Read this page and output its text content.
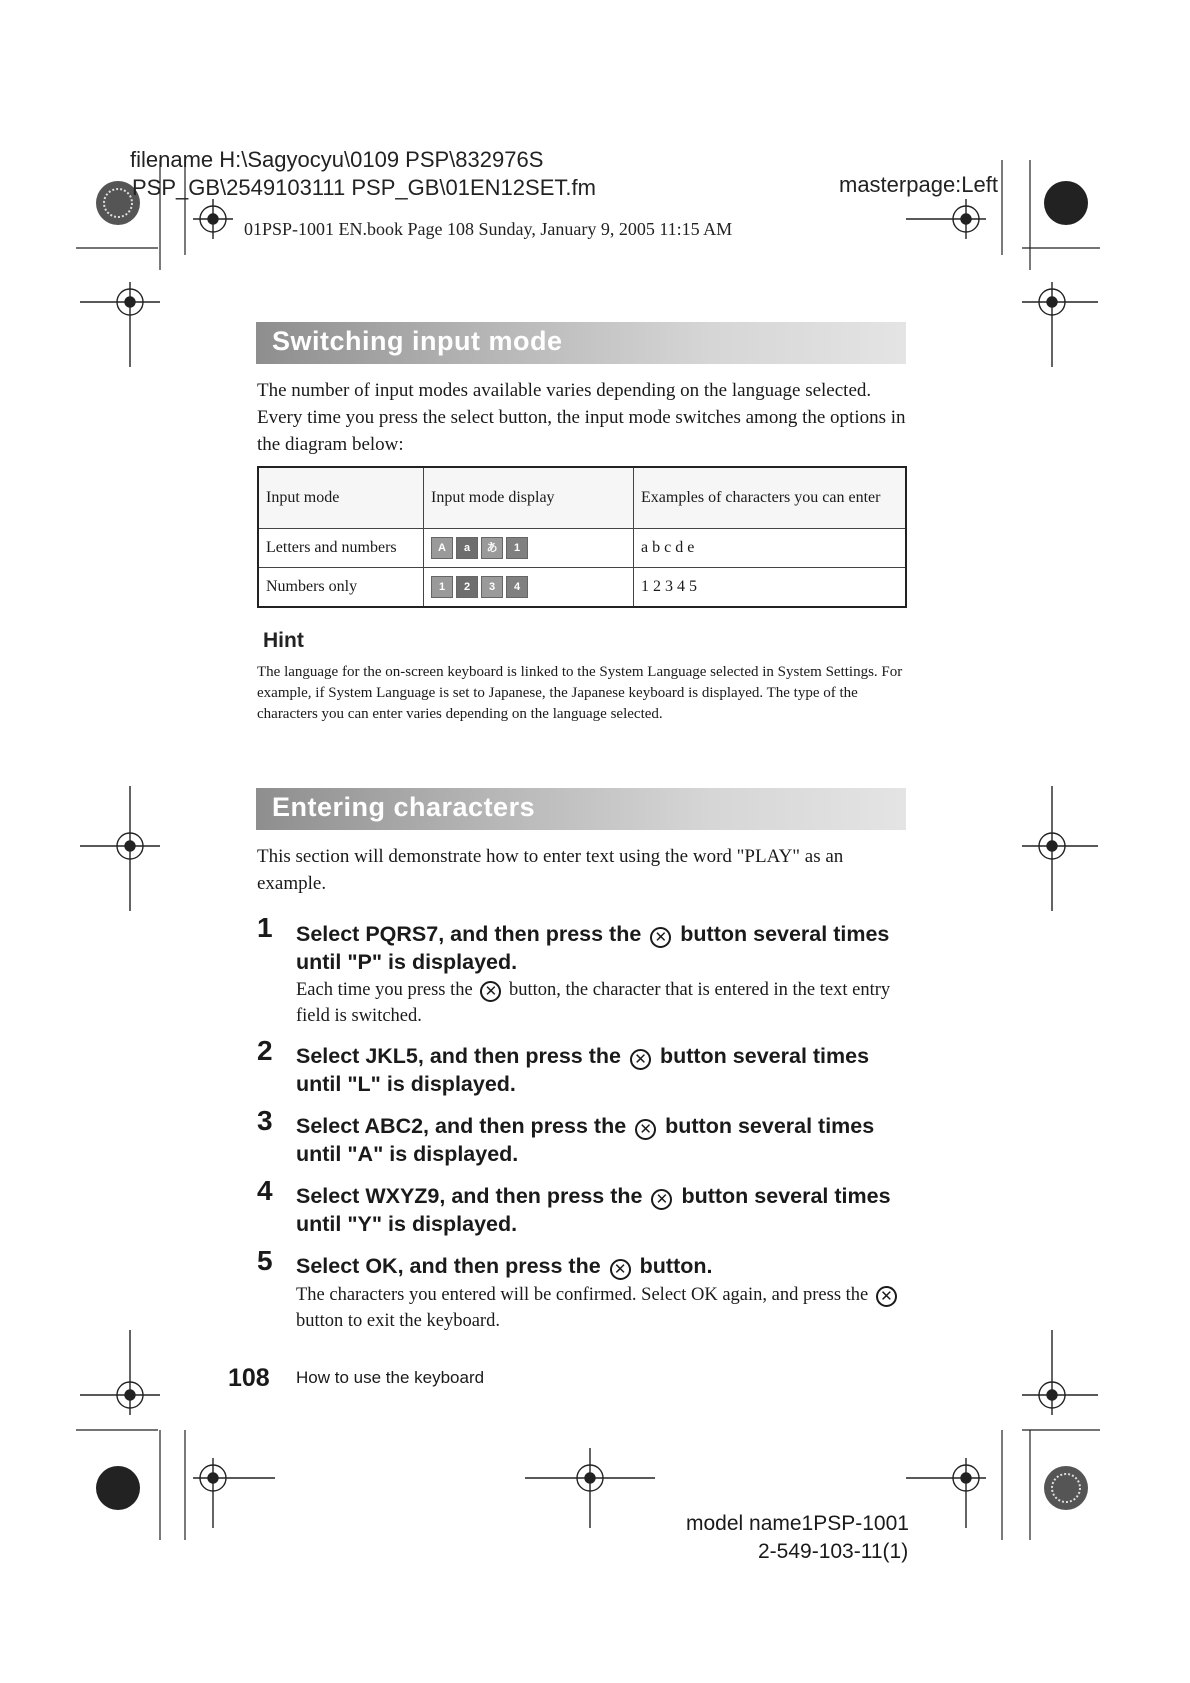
filename H:\Sagyocyu\0109 PSP\832976S
PSP_GB\2549103111 PSP_GB\01EN12SET.fm	masterpage:Left
01PSP-1001 EN.book Page 108 Sunday, January 9, 2005 11:15 AM
Switching input mode
The number of input modes available varies depending on the language selected. Every time you press the select button, the input mode switches among the options in the diagram below:
Input mode	Input mode display	Examples of characters you can enter
Letters and numbers	A a あ 1	a b c d e
Numbers only	1 2 3 4	1 2 3 4 5
Hint
The language for the on-screen keyboard is linked to the System Language selected in System Settings. For example, if System Language is set to Japanese, the Japanese keyboard is displayed. The type of the characters you can enter varies depending on the language selected.
Entering characters
This section will demonstrate how to enter text using the word "PLAY" as an example.
1 Select PQRS7, and then press the ✕ button several times until "P" is displayed.
Each time you press the ✕ button, the character that is entered in the text entry field is switched.
2 Select JKL5, and then press the ✕ button several times until "L" is displayed.
3 Select ABC2, and then press the ✕ button several times until "A" is displayed.
4 Select WXYZ9, and then press the ✕ button several times until "Y" is displayed.
5 Select OK, and then press the ✕ button.
The characters you entered will be confirmed. Select OK again, and press the ✕ button to exit the keyboard.
108 How to use the keyboard
model name1PSP-1001
2-549-103-11(1)
